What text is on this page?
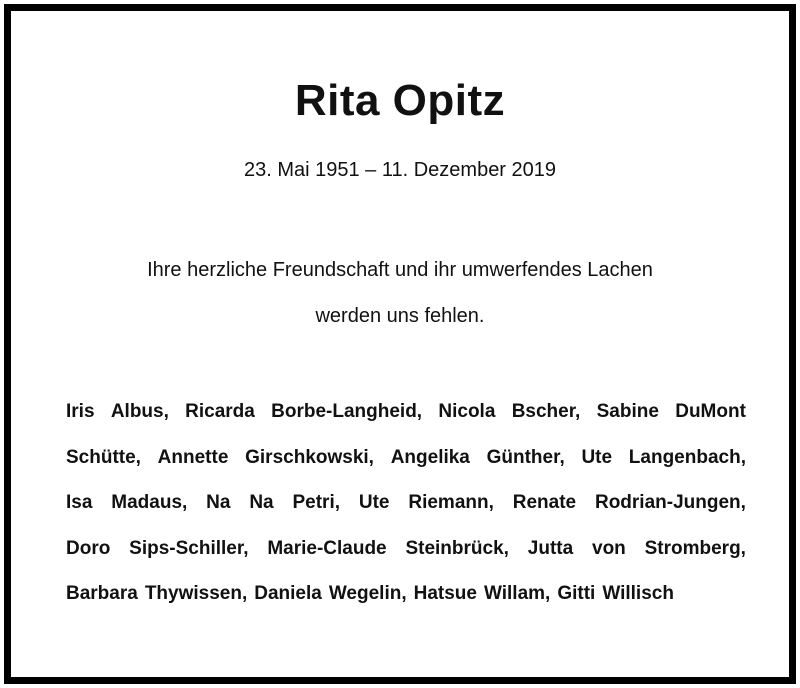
Rita Opitz
23. Mai 1951 – 11. Dezember 2019
Ihre herzliche Freundschaft und ihr umwerfendes Lachen
werden uns fehlen.
Iris Albus, Ricarda Borbe-Langheid, Nicola Bscher, Sabine DuMont
Schütte, Annette Girschkowski, Angelika Günther, Ute Langenbach,
Isa Madaus, Na Na Petri, Ute Riemann, Renate Rodrian-Jungen,
Doro Sips-Schiller, Marie-Claude Steinbrück, Jutta von Stromberg,
Barbara Thywissen, Daniela Wegelin, Hatsue Willam, Gitti Willisch
